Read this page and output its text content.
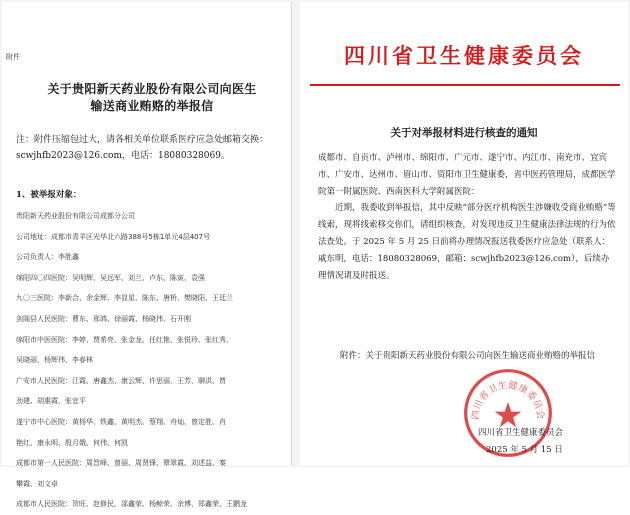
附件
关于贵阳新天药业股份有限公司向医生
输送商业贿赂的举报信
注：附件压缩包过大，请各相关单位联系医疗应急处邮箱交换：scwjhfb2023@126.com，电话：18080328069。
1、被举报对象：
贵阳新天药业股份有限公司成都分公司
公司地址：成都市青羊区光华北六路388号5栋1单元4层407号
公司负责人：李胜鑫
绵阳四〇四医院：吴明辉、吴远军、刘兰、卢东、陈寅、袁强
九〇三医院：李新合、余金辉、李显星、陈东、唐桥、樊晓阳、王廷兰
剑阁县人民医院：曹东、邢鸿、徐丽霞、杨晓伟、石开刚
绵阳市中医医院：李婷、贾希亮、张金龙、任红艳、张悦玲、张红秀、
吴晓丽、杨辉伟、李春林
广安市人民医院：江霞、唐鑫杰、康云辉、许思丽、王芳、聊洪、贾
劲建、胡惠霞、张宜平
遂宁市中心医院：黄杨华、铁鑫、黄明杰、蔡翔、舟灿、曾定胜、肖
艳红、康永明、殷月娥、何伟、何凯
成都市第一人民医院：周晋峰、曾丽、周贤锋、覃翠霞、刘述益、秦
攀霞、刘文卓
成都市人民医院：贺旺、赵修民、邵鑫荣、杨鲸荣、余博、郑鑫荣、王鹏龙
四川省卫生健康委员会
关于对举报材料进行核查的通知

成都市、自贡市、泸州市、绵阳市、广元市、遂宁市、内江市、南充市、宜宾市、广安市、达州市、眉山市、资阳市卫生健康委，省中医药管理局，成都医学院第一附属医院、西南医科大学附属医院：

近期，我委收到举报信，其中反映“部分医疗机构医生涉嫌收受商业贿赂”等线索，现将线索移交你们，请组织核查，对发现违反卫生健康法律法规的行为依法查处。于 2025 年 5 月 25 日前将办理情况报送我委医疗应急处（联系人：戚东明，电话：18080328069，邮箱：scwjhfb2023@126.com），后续办理情况请及时报送。

附件：关于贵阳新天药业股份有限公司向医生输送商业贿赂的举报信
四川省卫生健康委员会
四川省卫生健康委员会
2025 年 5 月 15 日
